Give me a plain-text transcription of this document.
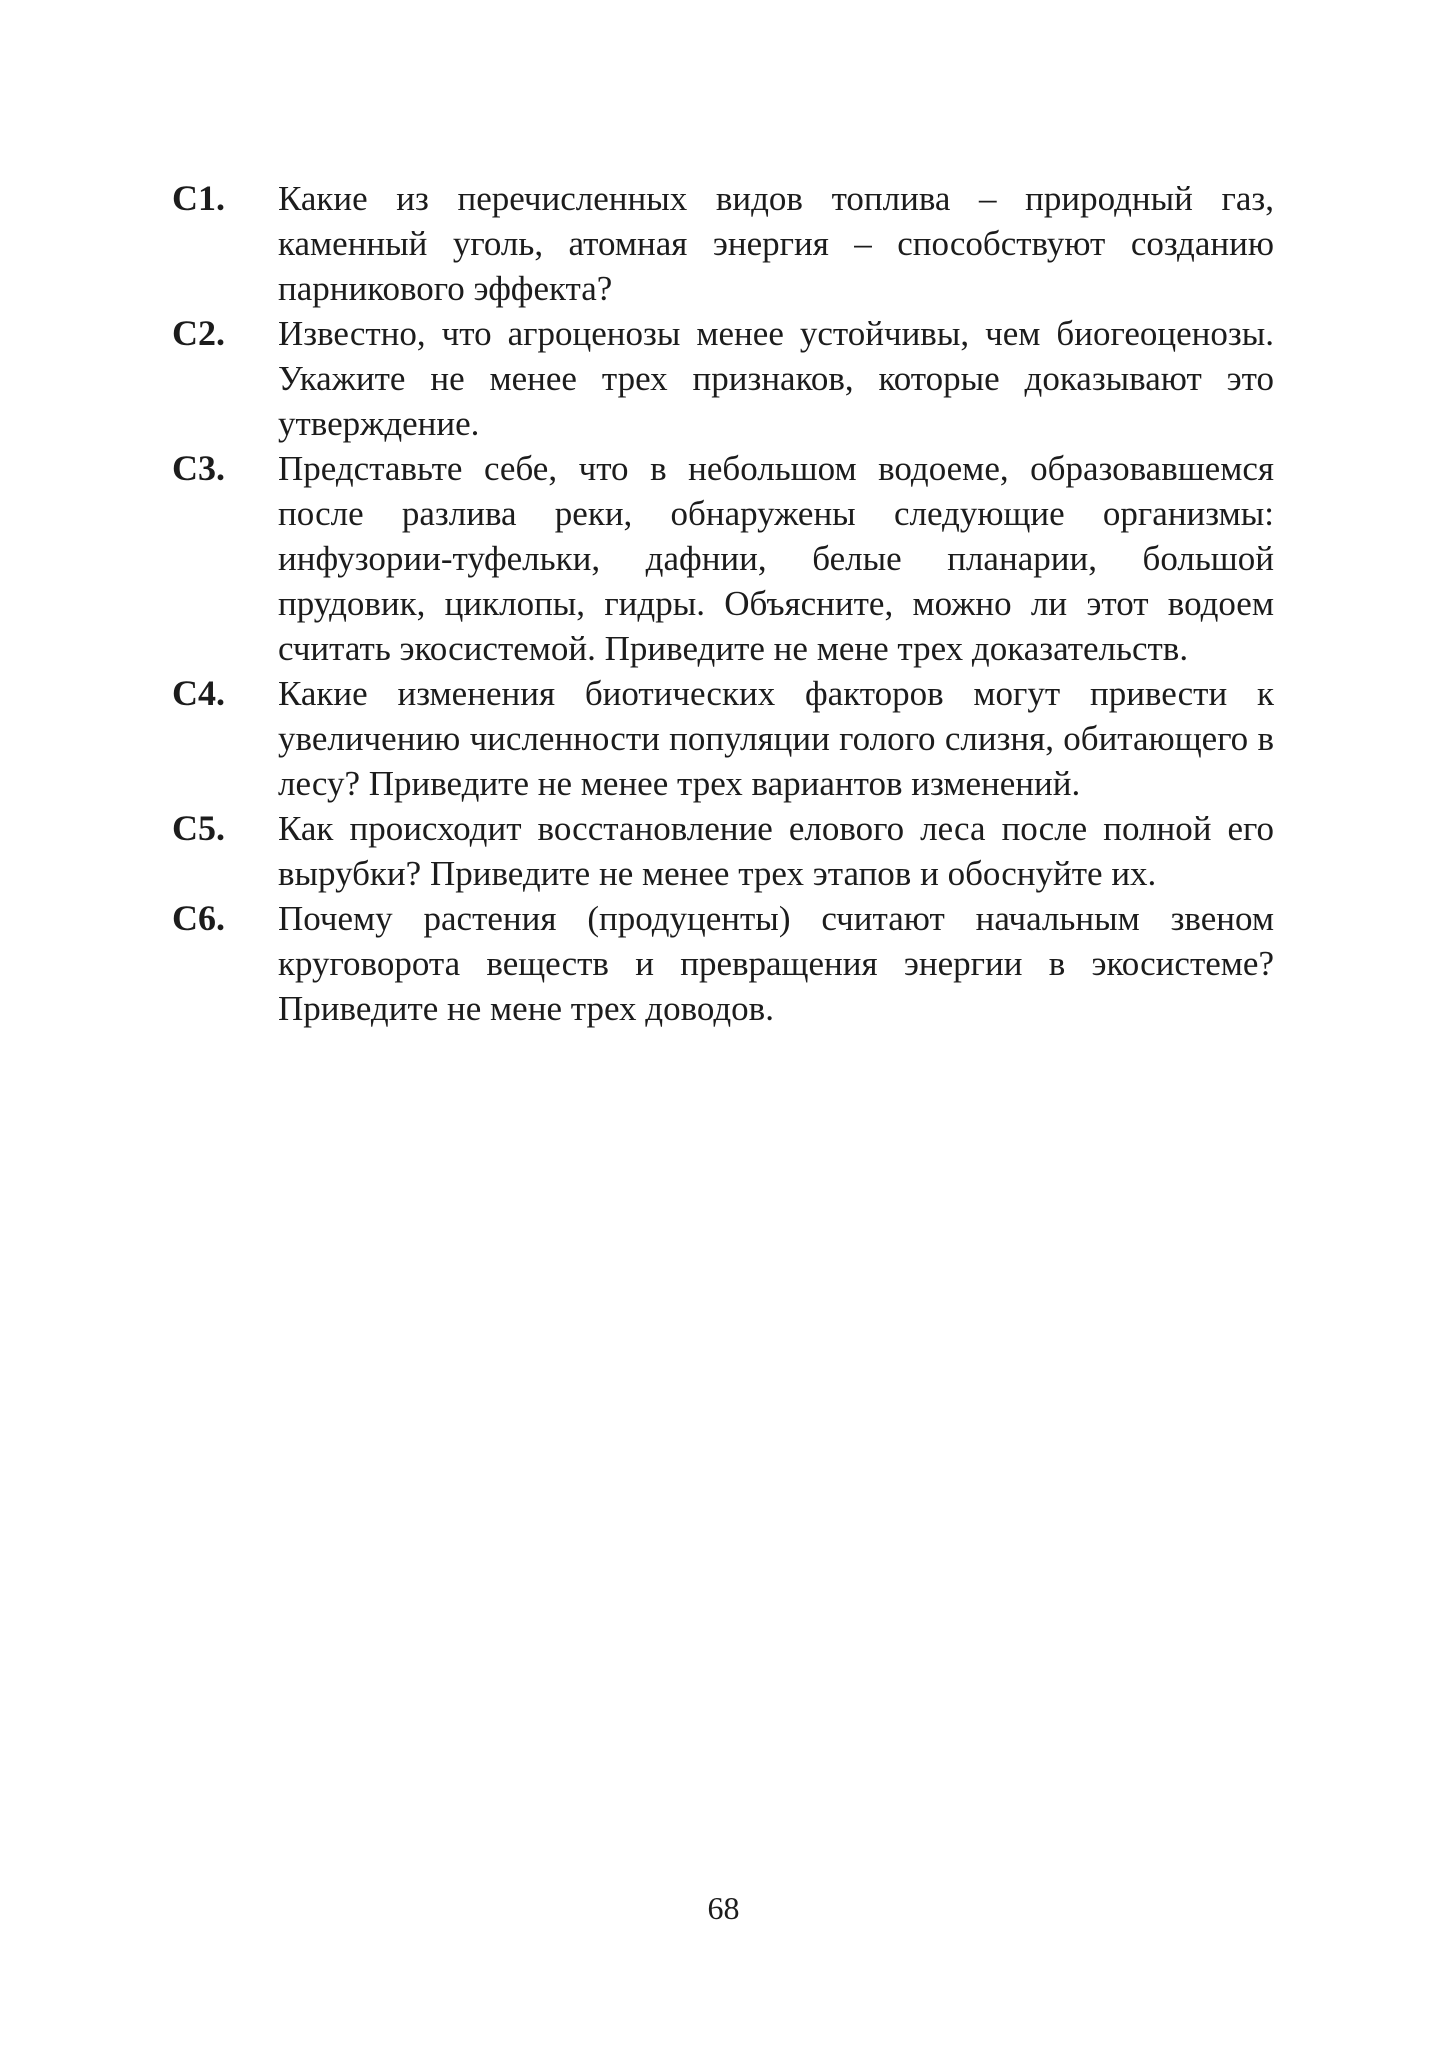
С1. Какие из перечисленных видов топлива – природный газ, каменный уголь, атомная энергия – способствуют созданию парникового эффекта?
С2. Известно, что агроценозы менее устойчивы, чем биогеоценозы. Укажите не менее трех признаков, которые доказывают это утверждение.
С3. Представьте себе, что в небольшом водоеме, образовавшемся после разлива реки, обнаружены следующие организмы: инфузории-туфельки, дафнии, белые планарии, большой прудовик, циклопы, гидры. Объясните, можно ли этот водоем считать экосистемой. Приведите не мене трех доказательств.
С4. Какие изменения биотических факторов могут привести к увеличению численности популяции голого слизня, обитающего в лесу? Приведите не менее трех вариантов изменений.
С5. Как происходит восстановление елового леса после полной его вырубки? Приведите не менее трех этапов и обоснуйте их.
С6. Почему растения (продуценты) считают начальным звеном круговорота веществ и превращения энергии в экосистеме? Приведите не мене трех доводов.
68
